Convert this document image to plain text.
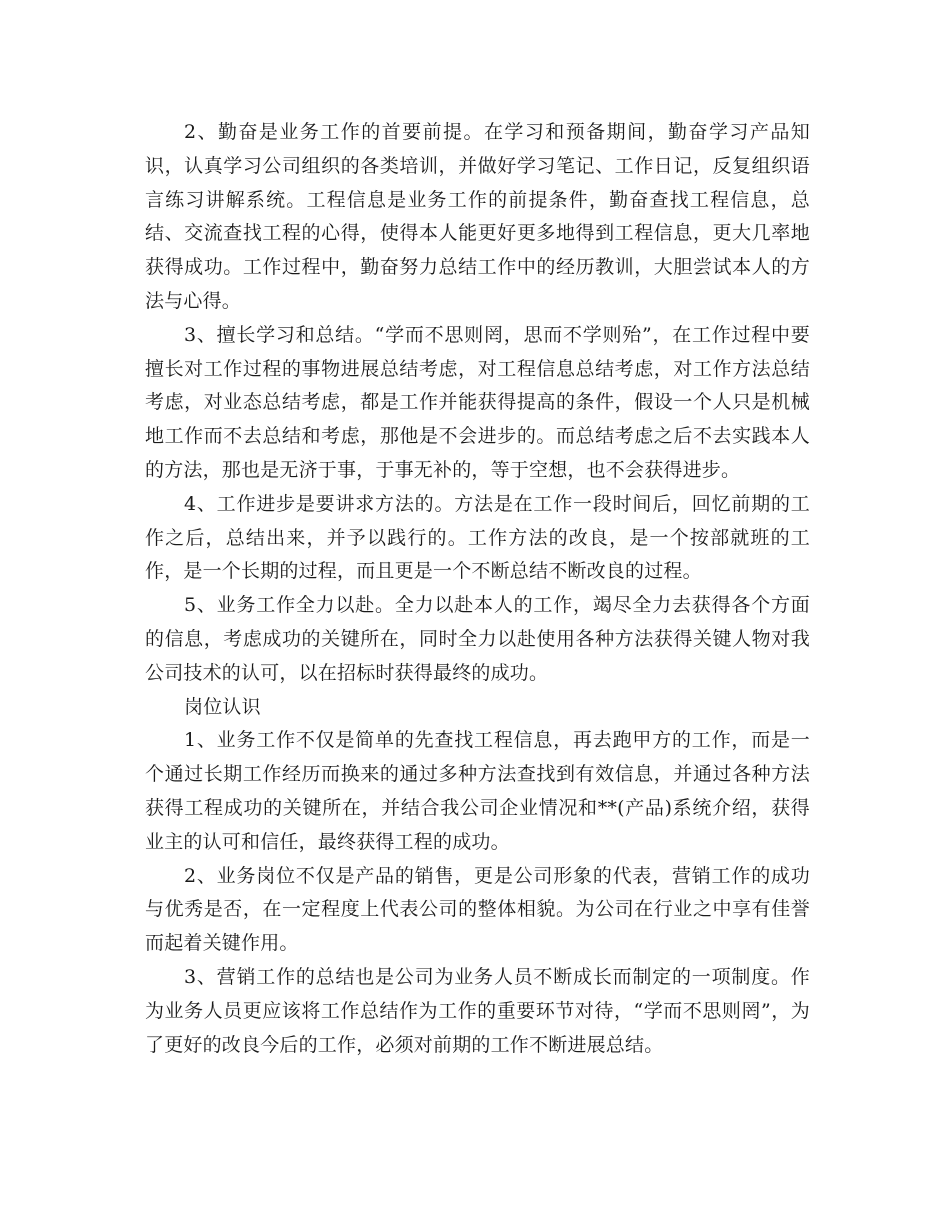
2、勤奋是业务工作的首要前提。在学习和预备期间，勤奋学习产品知识，认真学习公司组织的各类培训，并做好学习笔记、工作日记，反复组织语言练习讲解系统。工程信息是业务工作的前提条件，勤奋查找工程信息，总结、交流查找工程的心得，使得本人能更好更多地得到工程信息，更大几率地获得成功。工作过程中，勤奋努力总结工作中的经历教训，大胆尝试本人的方法与心得。

3、擅长学习和总结。“学而不思则罔，思而不学则殆”，在工作过程中要擅长对工作过程的事物进展总结考虑，对工程信息总结考虑，对工作方法总结考虑，对业态总结考虑，都是工作并能获得提高的条件，假设一个人只是机械地工作而不去总结和考虑，那他是不会进步的。而总结考虑之后不去实践本人的方法，那也是无济于事，于事无补的，等于空想，也不会获得进步。

4、工作进步是要讲求方法的。方法是在工作一段时间后，回忆前期的工作之后，总结出来，并予以践行的。工作方法的改良，是一个按部就班的工作，是一个长期的过程，而且更是一个不断总结不断改良的过程。

5、业务工作全力以赴。全力以赴本人的工作，竭尽全力去获得各个方面的信息，考虑成功的关键所在，同时全力以赴使用各种方法获得关键人物对我公司技术的认可，以在招标时获得最终的成功。

岗位认识

1、业务工作不仅是简单的先查找工程信息，再去跑甲方的工作，而是一个通过长期工作经历而换来的通过多种方法查找到有效信息，并通过各种方法获得工程成功的关键所在，并结合我公司企业情况和**(产品)系统介绍，获得业主的认可和信任，最终获得工程的成功。

2、业务岗位不仅是产品的销售，更是公司形象的代表，营销工作的成功与优秀是否，在一定程度上代表公司的整体相貌。为公司在行业之中享有佳誉而起着关键作用。

3、营销工作的总结也是公司为业务人员不断成长而制定的一项制度。作为业务人员更应该将工作总结作为工作的重要环节对待，“学而不思则罔”，为了更好的改良今后的工作，必须对前期的工作不断进展总结。
